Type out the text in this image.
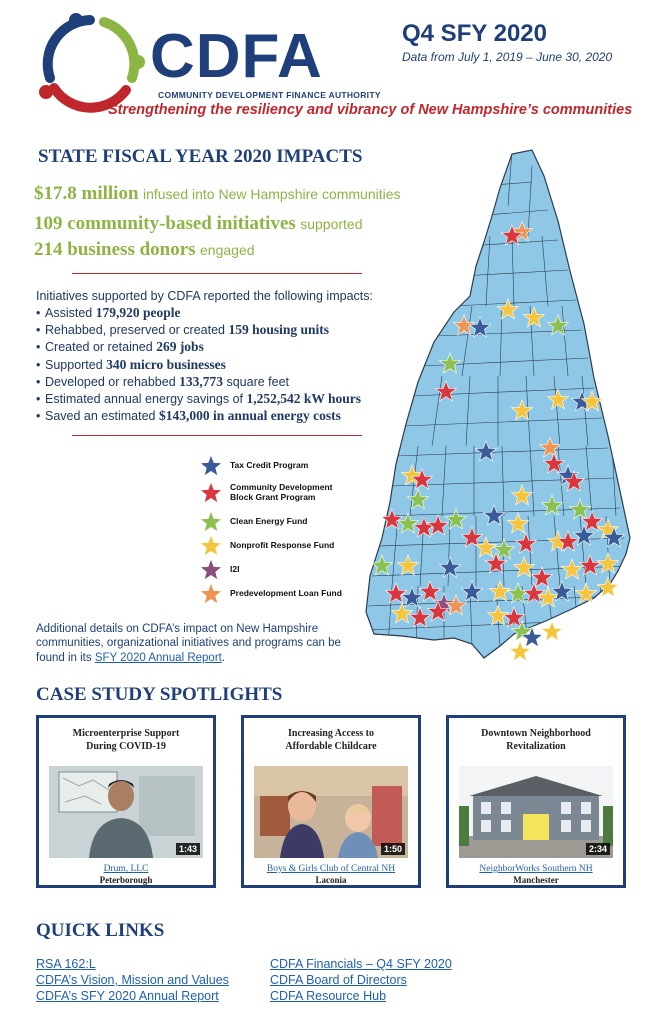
CDFA
COMMUNITY DEVELOPMENT FINANCE AUTHORITY
Q4 SFY 2020
Data from July 1, 2019 – June 30, 2020
Strengthening the resiliency and vibrancy of New Hampshire’s communities
STATE FISCAL YEAR 2020 IMPACTS
$17.8 million infused into New Hampshire communities
109 community-based initiatives supported
214 business donors engaged
Initiatives supported by CDFA reported the following impacts:
• Assisted 179,920 people
• Rehabbed, preserved or created 159 housing units
• Created or retained 269 jobs
• Supported 340 micro businesses
• Developed or rehabbed 133,773 square feet
• Estimated annual energy savings of 1,252,542 kW hours
• Saved an estimated $143,000 in annual energy costs
Tax Credit Program
Community Development Block Grant Program
Clean Energy Fund
Nonprofit Response Fund
I2I
Predevelopment Loan Fund
Additional details on CDFA’s impact on New Hampshire communities, organizational initiatives and programs can be found in its SFY 2020 Annual Report.
CASE STUDY SPOTLIGHTS
Microenterprise Support During COVID-19
1:43
Drum, LLC
Peterborough
Increasing Access to Affordable Childcare
1:50
Boys & Girls Club of Central NH
Laconia
Downtown Neighborhood Revitalization
2:34
NeighborWorks Southern NH
Manchester
QUICK LINKS
RSA 162:L
CDFA’s Vision, Mission and Values
CDFA’s SFY 2020 Annual Report
CDFA Financials – Q4 SFY 2020
CDFA Board of Directors
CDFA Resource Hub
